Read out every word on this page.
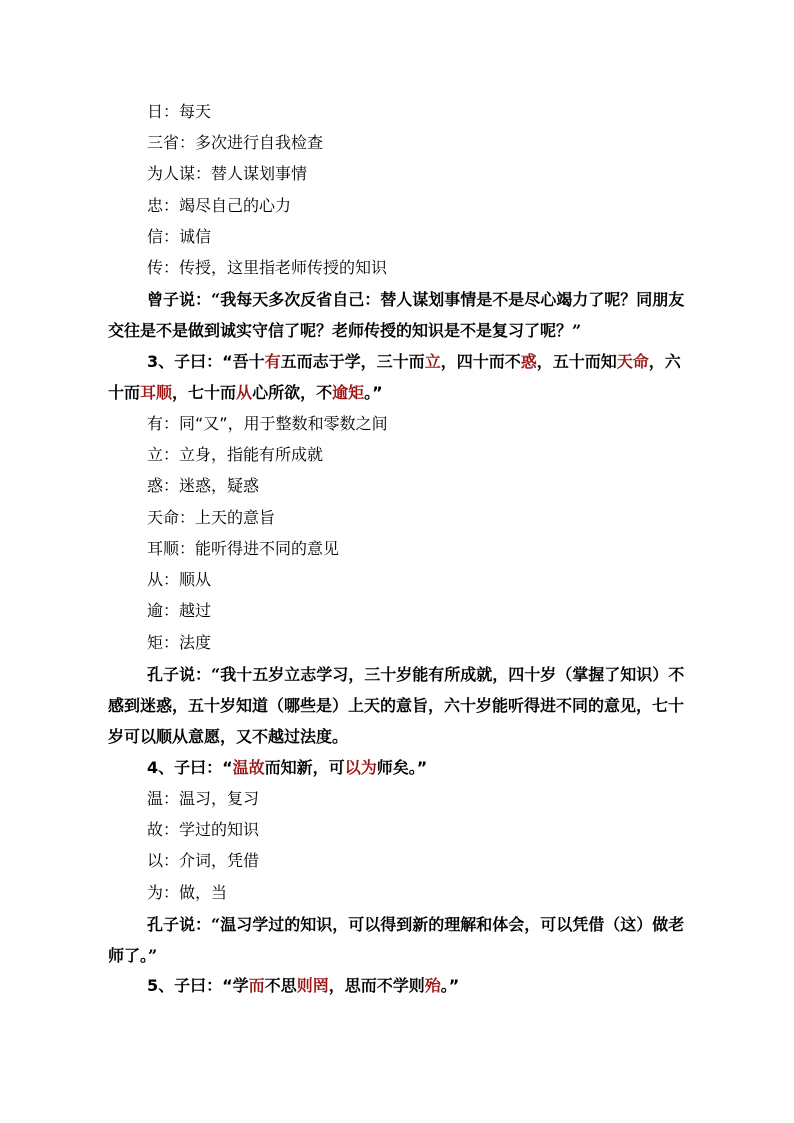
日：每天
三省：多次进行自我检查
为人谋：替人谋划事情
忠：竭尽自己的心力
信：诚信
传：传授，这里指老师传授的知识
曾子说：“我每天多次反省自己：替人谋划事情是不是尽心竭力了呢？同朋友交往是不是做到诚实守信了呢？老师传授的知识是不是复习了呢？”
3、子曰：“吾十有五而志于学，三十而立，四十而不惑，五十而知天命，六十而耳顺，七十而从心所欲，不逾矩。”
有：同“又”，用于整数和零数之间
立：立身，指能有所成就
惑：迷惑，疑惑
天命：上天的意旨
耳顺：能听得进不同的意见
从：顺从
逾：越过
矩：法度
孔子说：“我十五岁立志学习，三十岁能有所成就，四十岁（掌握了知识）不感到迷惑，五十岁知道（哪些是）上天的意旨，六十岁能听得进不同的意见，七十岁可以顺从意愿，又不越过法度。
4、子曰：“温故而知新，可以为师矣。”
温：温习，复习
故：学过的知识
以：介词，凭借
为：做，当
孔子说：“温习学过的知识，可以得到新的理解和体会，可以凭借（这）做老师了。”
5、子曰：“学而不思则罔，思而不学则殆。”
